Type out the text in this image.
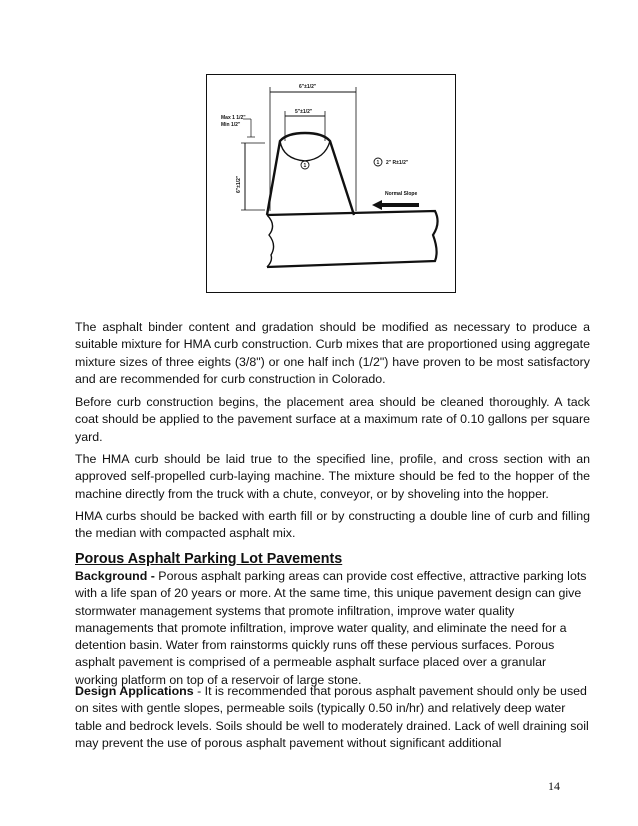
6"±1/2"
5"±1/2"
Max 1 1/2"
Min 1/2"
6"±1/2"
1	1 2" R±1/2"
Normal Slope

The asphalt binder content and gradation should be modified as necessary to produce a suitable mixture for HMA curb construction. Curb mixes that are proportioned using aggregate mixture sizes of three eights (3/8") or one half inch (1/2") have proven to be most satisfactory and are recommended for curb construction in Colorado.

Before curb construction begins, the placement area should be cleaned thoroughly. A tack coat should be applied to the pavement surface at a maximum rate of 0.10 gallons per square yard.

The HMA curb should be laid true to the specified line, profile, and cross section with an approved self-propelled curb-laying machine. The mixture should be fed to the hopper of the machine directly from the truck with a chute, conveyor, or by shoveling into the hopper.

HMA curbs should be backed with earth fill or by constructing a double line of curb and filling the median with compacted asphalt mix.

Porous Asphalt Parking Lot Pavements

Background - Porous asphalt parking areas can provide cost effective, attractive parking lots with a life span of 20 years or more. At the same time, this unique pavement design can give stormwater management systems that promote infiltration, improve water quality managements that promote infiltration, improve water quality, and eliminate the need for a detention basin. Water from rainstorms quickly runs off these pervious surfaces. Porous asphalt pavement is comprised of a permeable asphalt surface placed over a granular working platform on top of a reservoir of large stone.

Design Applications - It is recommended that porous asphalt pavement should only be used on sites with gentle slopes, permeable soils (typically 0.50 in/hr) and relatively deep water table and bedrock levels. Soils should be well to moderately drained. Lack of well draining soil may prevent the use of porous asphalt pavement without significant additional

14
